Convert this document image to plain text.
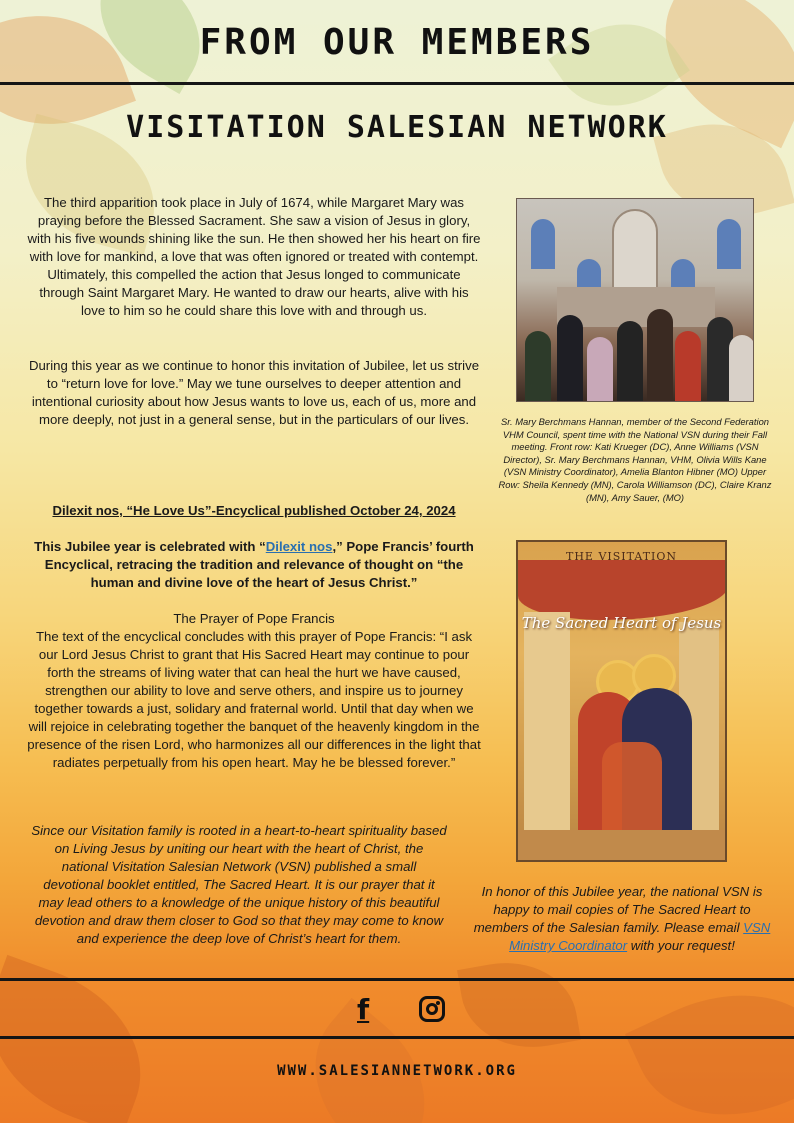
FROM OUR MEMBERS
VISITATION SALESIAN NETWORK

The third apparition took place in July of 1674, while Margaret Mary was praying before the Blessed Sacrament. She saw a vision of Jesus in glory, with his five wounds shining like the sun. He then showed her his heart on fire with love for mankind, a love that was often ignored or treated with contempt. Ultimately, this compelled the action that Jesus longed to communicate through Saint Margaret Mary. He wanted to draw our hearts, alive with his love to him so he could share this love with and through us.

During this year as we continue to honor this invitation of Jubilee, let us strive to “return love for love.” May we tune ourselves to deeper attention and intentional curiosity about how Jesus wants to love us, each of us, more and more deeply, not just in a general sense, but in the particulars of our lives.

Dilexit nos, “He Love Us”-Encyclical published October 24, 2024

This Jubilee year is celebrated with “Dilexit nos,” Pope Francis’ fourth Encyclical, retracing the tradition and relevance of thought on “the human and divine love of the heart of Jesus Christ.”

The Prayer of Pope Francis

The text of the encyclical concludes with this prayer of Pope Francis: “I ask our Lord Jesus Christ to grant that His Sacred Heart may continue to pour forth the streams of living water that can heal the hurt we have caused, strengthen our ability to love and serve others, and inspire us to journey together towards a just, solidary and fraternal world. Until that day when we will rejoice in celebrating together the banquet of the heavenly kingdom in the presence of the risen Lord, who harmonizes all our differences in the light that radiates perpetually from his open heart. May he be blessed forever.”

Since our Visitation family is rooted in a heart-to-heart spirituality based on Living Jesus by uniting our heart with the heart of Christ, the national Visitation Salesian Network (VSN) published a small devotional booklet entitled, The Sacred Heart. It is our prayer that it may lead others to a knowledge of the unique history of this beautiful devotion and draw them closer to God so that they may come to know and experience the deep love of Christ’s heart for them.

Sr. Mary Berchmans Hannan, member of the Second Federation VHM Council, spent time with the National VSN during their Fall meeting. Front row: Kati Krueger (DC), Anne Williams (VSN Director), Sr. Mary Berchmans Hannan, VHM, Olivia Wills Kane (VSN Ministry Coordinator), Amelia Blanton Hibner (MO) Upper Row: Sheila Kennedy (MN), Carola Williamson (DC), Claire Kranz (MN), Amy Sauer, (MO)

THE VISITATION
The Sacred Heart of Jesus

In honor of this Jubilee year, the national VSN is happy to mail copies of The Sacred Heart to members of the Salesian family. Please email VSN Ministry Coordinator with your request!

f
WWW.SALESIANNETWORK.ORG
